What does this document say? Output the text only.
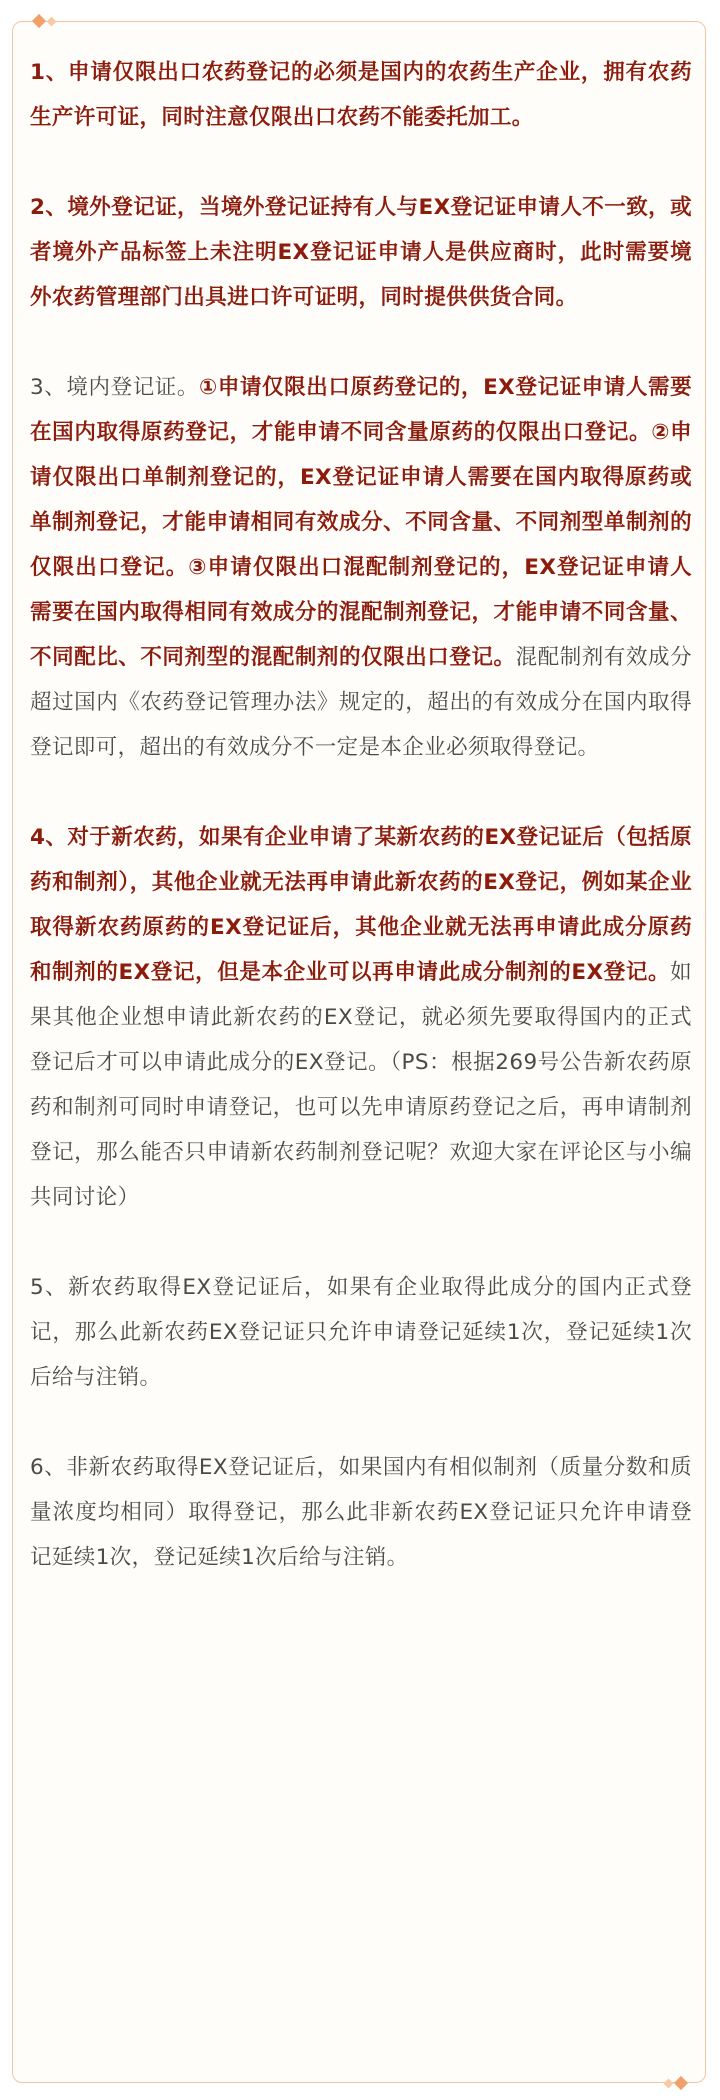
1、申请仅限出口农药登记的必须是国内的农药生产企业，拥有农药生产许可证，同时注意仅限出口农药不能委托加工。

2、境外登记证，当境外登记证持有人与EX登记证申请人不一致，或者境外产品标签上未注明EX登记证申请人是供应商时，此时需要境外农药管理部门出具进口许可证明，同时提供供货合同。

3、境内登记证。①申请仅限出口原药登记的，EX登记证申请人需要在国内取得原药登记，才能申请不同含量原药的仅限出口登记。②申请仅限出口单制剂登记的，EX登记证申请人需要在国内取得原药或单制剂登记，才能申请相同有效成分、不同含量、不同剂型单制剂的仅限出口登记。③申请仅限出口混配制剂登记的，EX登记证申请人需要在国内取得相同有效成分的混配制剂登记，才能申请不同含量、不同配比、不同剂型的混配制剂的仅限出口登记。混配制剂有效成分超过国内《农药登记管理办法》规定的，超出的有效成分在国内取得登记即可，超出的有效成分不一定是本企业必须取得登记。

4、对于新农药，如果有企业申请了某新农药的EX登记证后（包括原药和制剂），其他企业就无法再申请此新农药的EX登记，例如某企业取得新农药原药的EX登记证后，其他企业就无法再申请此成分原药和制剂的EX登记，但是本企业可以再申请此成分制剂的EX登记。如果其他企业想申请此新农药的EX登记，就必须先要取得国内的正式登记后才可以申请此成分的EX登记。（PS：根据269号公告新农药原药和制剂可同时申请登记，也可以先申请原药登记之后，再申请制剂登记，那么能否只申请新农药制剂登记呢？欢迎大家在评论区与小编共同讨论）

5、新农药取得EX登记证后，如果有企业取得此成分的国内正式登记，那么此新农药EX登记证只允许申请登记延续1次，登记延续1次后给与注销。

6、非新农药取得EX登记证后，如果国内有相似制剂（质量分数和质量浓度均相同）取得登记，那么此非新农药EX登记证只允许申请登记延续1次，登记延续1次后给与注销。
